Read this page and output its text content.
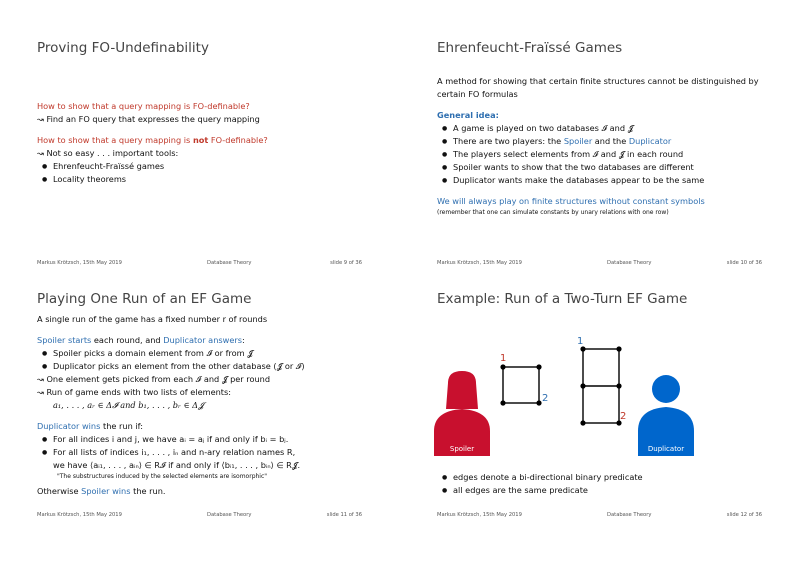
Proving FO-Undefinability
How to show that a query mapping is FO-definable?
↝ Find an FO query that expresses the query mapping
How to show that a query mapping is not FO-definable?
↝ Not so easy . . . important tools:
● Ehrenfeucht-Fraïssé games
● Locality theorems
Markus Krötzsch, 15th May 2019	Database Theory	slide 9 of 36
Ehrenfeucht-Fraïssé Games
A method for showing that certain finite structures cannot be distinguished by certain FO formulas
General idea:
● A game is played on two databases 𝓘 and 𝓙
● There are two players: the Spoiler and the Duplicator
● The players select elements from 𝓘 and 𝓙 in each round
● Spoiler wants to show that the two databases are different
● Duplicator wants make the databases appear to be the same
We will always play on finite structures without constant symbols
(remember that one can simulate constants by unary relations with one row)
Markus Krötzsch, 15th May 2019	Database Theory	slide 10 of 36
Playing One Run of an EF Game
A single run of the game has a fixed number r of rounds
Spoiler starts each round, and Duplicator answers:
● Spoiler picks a domain element from 𝓘 or from 𝓙
● Duplicator picks an element from the other database (𝓙 or 𝓘)
↝ One element gets picked from each 𝓘 and 𝓙 per round
↝ Run of game ends with two lists of elements:
a₁, . . . , aᵣ ∈ Δ𝓘 and b₁, . . . , bᵣ ∈ Δ𝓙
Duplicator wins the run if:
● For all indices i and j, we have aᵢ = aⱼ if and only if bᵢ = bⱼ.
● For all lists of indices i₁, . . . , iₙ and n-ary relation names R,
we have ⟨aᵢ₁, . . . , aᵢₙ⟩ ∈ R𝓘 if and only if ⟨bᵢ₁, . . . , bᵢₙ⟩ ∈ R𝓙.
"The substructures induced by the selected elements are isomorphic"
Otherwise Spoiler wins the run.
Markus Krötzsch, 15th May 2019	Database Theory	slide 11 of 36
Example: Run of a Two-Turn EF Game
Spoiler
1
2
1
2
Duplicator
● edges denote a bi-directional binary predicate
● all edges are the same predicate
Markus Krötzsch, 15th May 2019	Database Theory	slide 12 of 36
